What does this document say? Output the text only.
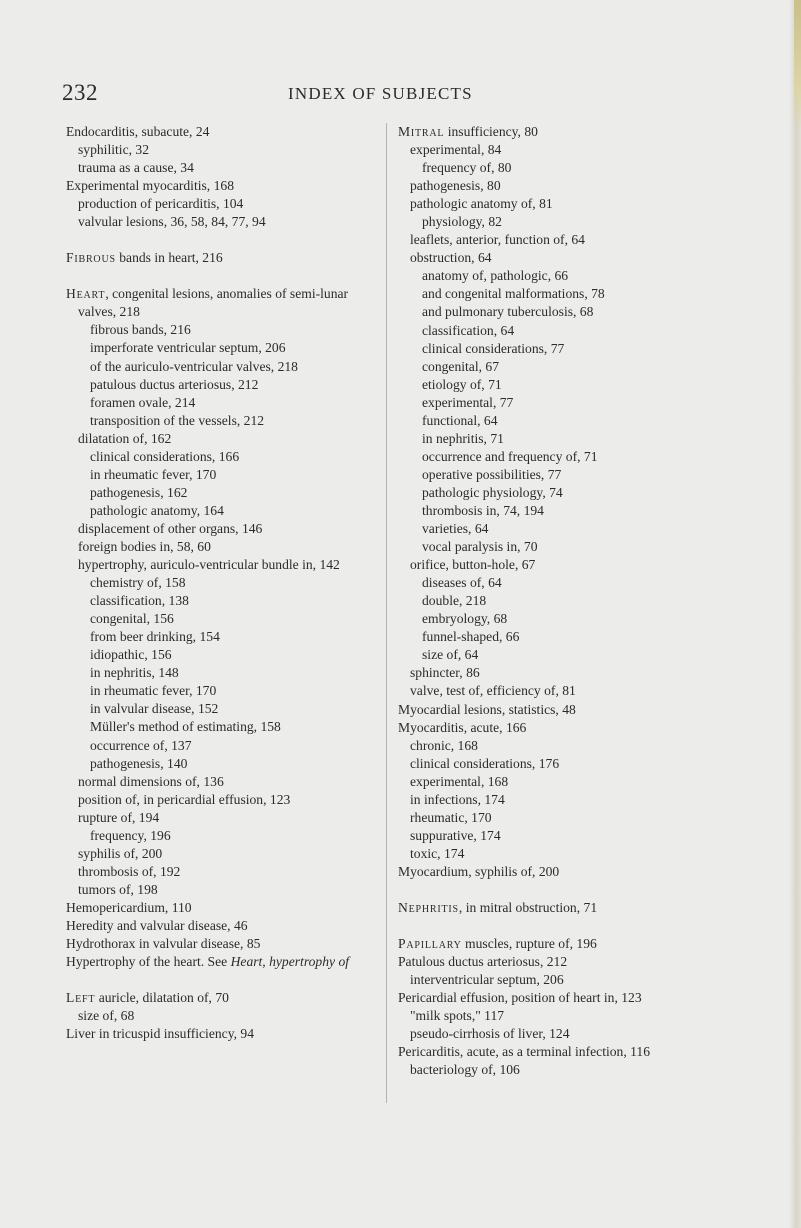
232	INDEX OF SUBJECTS
Endocarditis, subacute, 24
syphilitic, 32
trauma as a cause, 34
Experimental myocarditis, 168
production of pericarditis, 104
valvular lesions, 36, 58, 84, 77, 94
Fibrous bands in heart, 216
Heart, congenital lesions, anomalies of semi-lunar valves, 218
fibrous bands, 216
imperforate ventricular septum, 206
of the auriculo-ventricular valves, 218
patulous ductus arteriosus, 212
foramen ovale, 214
transposition of the vessels, 212
dilatation of, 162
clinical considerations, 166
in rheumatic fever, 170
pathogenesis, 162
pathologic anatomy, 164
displacement of other organs, 146
foreign bodies in, 58, 60
hypertrophy, auriculo-ventricular bundle in, 142
chemistry of, 158
classification, 138
congenital, 156
from beer drinking, 154
idiopathic, 156
in nephritis, 148
in rheumatic fever, 170
in valvular disease, 152
Müller's method of estimating, 158
occurrence of, 137
pathogenesis, 140
normal dimensions of, 136
position of, in pericardial effusion, 123
rupture of, 194
frequency, 196
syphilis of, 200
thrombosis of, 192
tumors of, 198
Hemopericardium, 110
Heredity and valvular disease, 46
Hydrothorax in valvular disease, 85
Hypertrophy of the heart. See Heart, hypertrophy of
Left auricle, dilatation of, 70
size of, 68
Liver in tricuspid insufficiency, 94
Mitral insufficiency, 80
experimental, 84
frequency of, 80
pathogenesis, 80
pathologic anatomy of, 81
physiology, 82
leaflets, anterior, function of, 64
obstruction, 64
anatomy of, pathologic, 66
and congenital malformations, 78
and pulmonary tuberculosis, 68
classification, 64
clinical considerations, 77
congenital, 67
etiology of, 71
experimental, 77
functional, 64
in nephritis, 71
occurrence and frequency of, 71
operative possibilities, 77
pathologic physiology, 74
thrombosis in, 74, 194
varieties, 64
vocal paralysis in, 70
orifice, button-hole, 67
diseases of, 64
double, 218
embryology, 68
funnel-shaped, 66
size of, 64
sphincter, 86
valve, test of, efficiency of, 81
Myocardial lesions, statistics, 48
Myocarditis, acute, 166
chronic, 168
clinical considerations, 176
experimental, 168
in infections, 174
rheumatic, 170
suppurative, 174
toxic, 174
Myocardium, syphilis of, 200
Nephritis, in mitral obstruction, 71
Papillary muscles, rupture of, 196
Patulous ductus arteriosus, 212
interventricular septum, 206
Pericardial effusion, position of heart in, 123
"milk spots," 117
pseudo-cirrhosis of liver, 124
Pericarditis, acute, as a terminal infection, 116
bacteriology of, 106
